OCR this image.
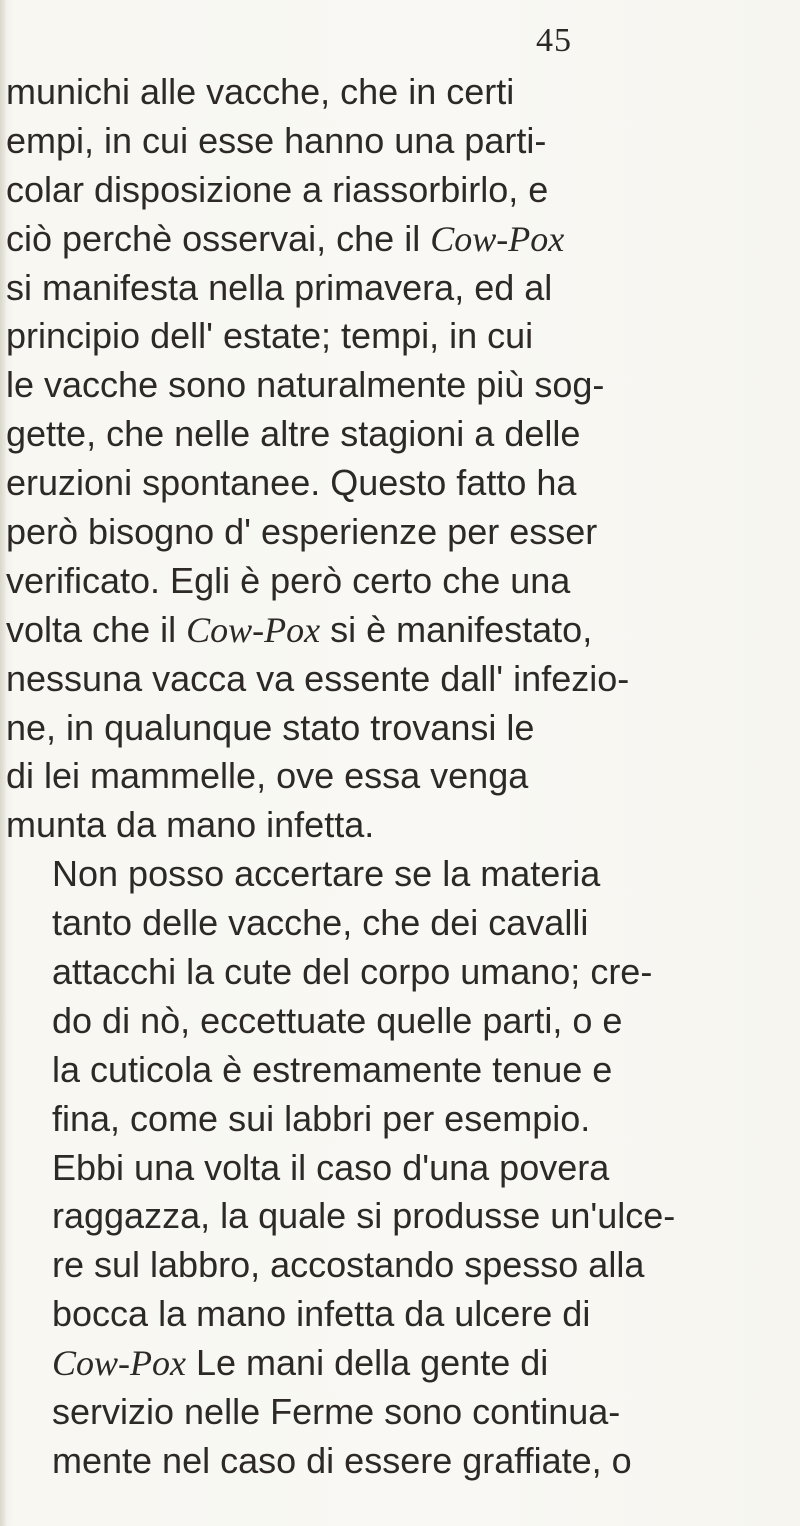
45
munichi alle vacche, che in certi
empi, in cui esse hanno una parti-
colar disposizione a riassorbirlo, e
ciò perchè osservai, che il Cow-Pox
si manifesta nella primavera, ed al
principio dell' estate; tempi, in cui
le vacche sono naturalmente più sog-
gette, che nelle altre stagioni a delle
eruzioni spontanee. Questo fatto ha
però bisogno d' esperienze per esser
verificato. Egli è però certo che una
volta che il Cow-Pox si è manifestato,
nessuna vacca va essente dall' infezio-
ne, in qualunque stato trovansi le
di lei mammelle, ove essa venga
munta da mano infetta.
Non posso accertare se la materia
tanto delle vacche, che dei cavalli
attacchi la cute del corpo umano; cre-
do di nò, eccettuate quelle parti, o e
la cuticola è estremamente tenue e
fina, come sui labbri per esempio.
Ebbi una volta il caso d'una povera
raggazza, la quale si produsse un'ulce-
re sul labbro, accostando spesso alla
bocca la mano infetta da ulcere di
Cow-Pox Le mani della gente di
servizio nelle Ferme sono continua-
mente nel caso di essere graffiate, o
